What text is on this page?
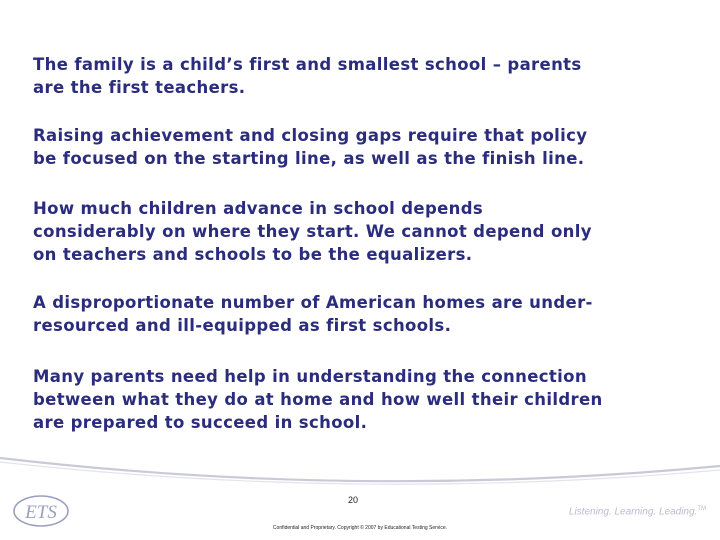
The family is a child’s first and smallest school – parents
are the first teachers.

Raising achievement and closing gaps require that policy
be focused on the starting line, as well as the finish line.

How much children advance in school depends
considerably on where they start. We cannot depend only
on teachers and schools to be the equalizers.

A disproportionate number of American homes are under-
resourced and ill-equipped as first schools.

Many parents need help in understanding the connection
between what they do at home and how well their children
are prepared to succeed in school.

20
ETS	Listening. Learning. Leading.™
Confidential and Proprietary. Copyright © 2007 by Educational Testing Service.
